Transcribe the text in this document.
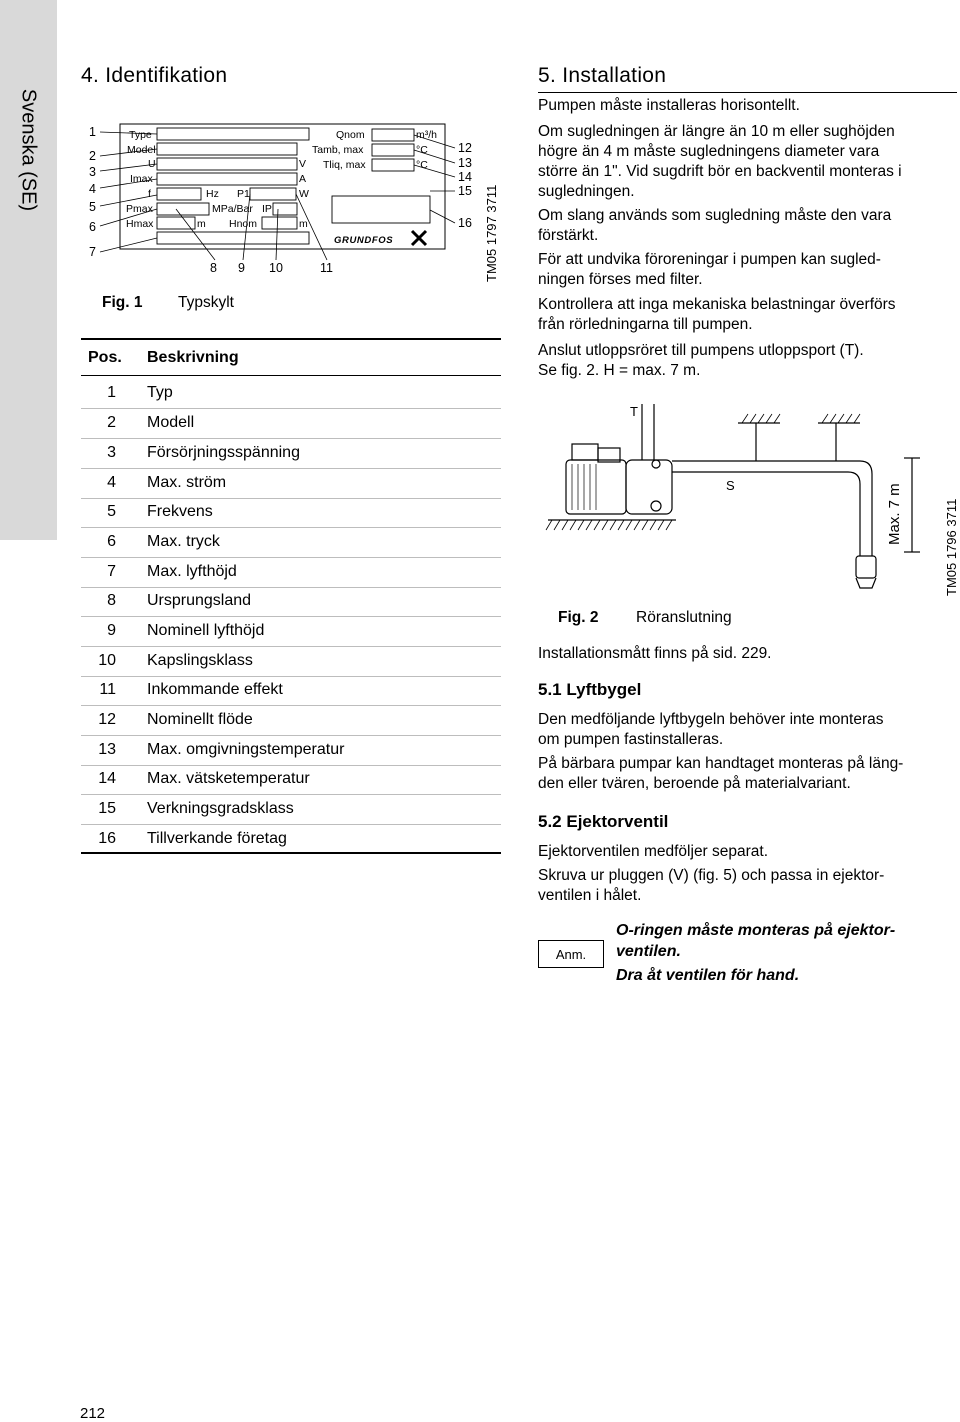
Svenska (SE)
4. Identifikation
Type
Model
U
Imax
f
Pmax
Hmax	m
Hz P1
MPa/Bar IP
Hnom	m
V
A
W
Qnom
Tamb, max
Tliq, max
m³/h
°C
°C
GRUNDFOS
1
2
3
4
5
6
7
12
13
14
15
16
8 9 10	11	TM05 1797 3711
Fig. 1 Typskylt
Pos. Beskrivning
1 Typ
2 Modell
3 Försörjningsspänning
4 Max. ström
5 Frekvens
6 Max. tryck
7 Max. lyfthöjd
8 Ursprungsland
9 Nominell lyfthöjd
10 Kapslingsklass
11 Inkommande effekt
12 Nominellt flöde
13 Max. omgivningstemperatur
14 Max. vätsketemperatur
15 Verkningsgradsklass
16 Tillverkande företag
5. Installation

Pumpen måste installeras horisontellt.

Om sugledningen är längre än 10 m eller sughöjden
högre än 4 m måste sugledningens diameter vara
större än 1". Vid sugdrift bör en backventil monteras i
sugledningen.

Om slang används som sugledning måste den vara
förstärkt.

För att undvika föroreningar i pumpen kan sugled-
ningen förses med filter.

Kontrollera att inga mekaniska belastningar överförs
från rörledningarna till pumpen.

Anslut utloppsröret till pumpens utloppsport (T).
Se fig. 2. H = max. 7 m.

T
S	Max. 7 m	TM05 1796 3711
Fig. 2 Röranslutning

Installationsmått finns på sid. 229.

5.1 Lyftbygel

Den medföljande lyftbygeln behöver inte monteras
om pumpen fastinstalleras.

På bärbara pumpar kan handtaget monteras på läng-
den eller tvären, beroende på materialvariant.

5.2 Ejektorventil

Ejektorventilen medföljer separat.

Skruva ur pluggen (V) (fig. 5) och passa in ejektor-
ventilen i hålet.

Anm.
O-ringen måste monteras på ejektor-
ventilen.
Dra åt ventilen för hand.
212
